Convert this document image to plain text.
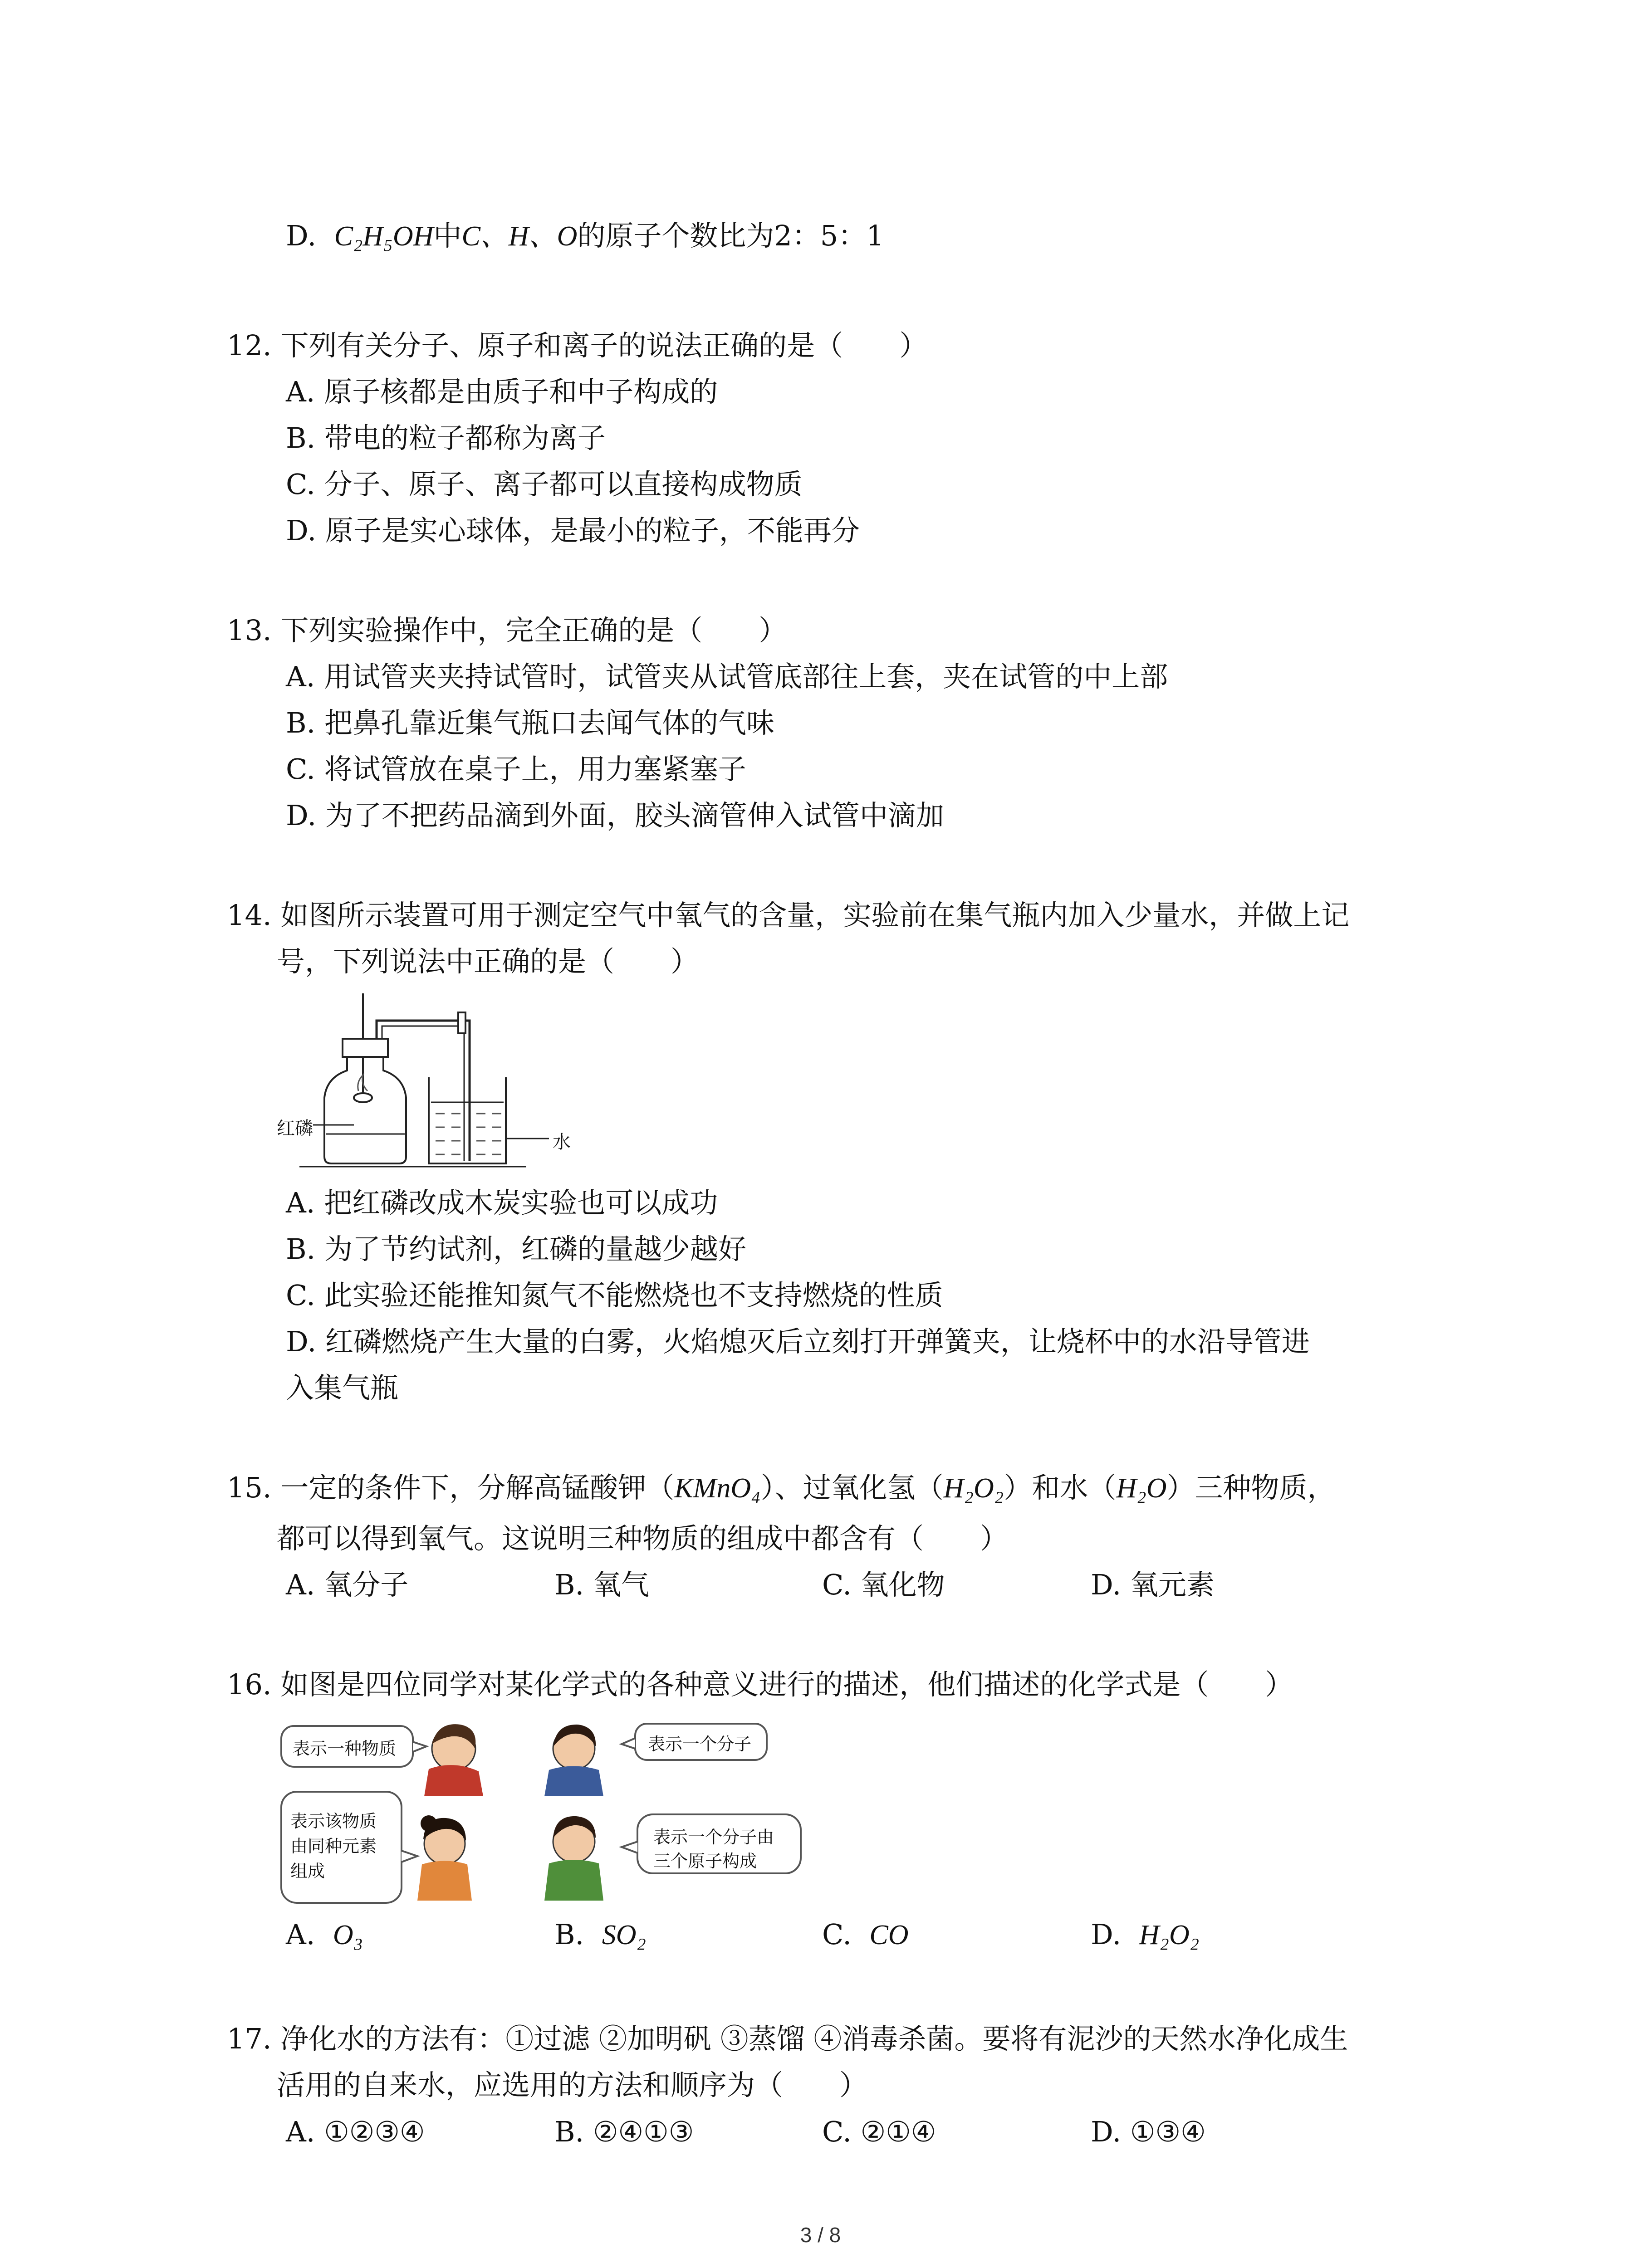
D. C₂H₅OH中C、H、O的原子个数比为2：5：1
12. 下列有关分子、原子和离子的说法正确的是（　　）
A. 原子核都是由质子和中子构成的
B. 带电的粒子都称为离子
C. 分子、原子、离子都可以直接构成物质
D. 原子是实心球体，是最小的粒子，不能再分
13. 下列实验操作中，完全正确的是（　　）
A. 用试管夹夹持试管时，试管夹从试管底部往上套，夹在试管的中上部
B. 把鼻孔靠近集气瓶口去闻气体的气味
C. 将试管放在桌子上，用力塞紧塞子
D. 为了不把药品滴到外面，胶头滴管伸入试管中滴加
14. 如图所示装置可用于测定空气中氧气的含量，实验前在集气瓶内加入少量水，并做上记
号，下列说法中正确的是（　　）
红磷
水
A. 把红磷改成木炭实验也可以成功
B. 为了节约试剂，红磷的量越少越好
C. 此实验还能推知氮气不能燃烧也不支持燃烧的性质
D. 红磷燃烧产生大量的白雾，火焰熄灭后立刻打开弹簧夹，让烧杯中的水沿导管进
入集气瓶
15. 一定的条件下，分解高锰酸钾（KMnO₄）、过氧化氢（H₂O₂）和水（H₂O）三种物质，
都可以得到氧气。这说明三种物质的组成中都含有（　　）
A. 氧分子	B. 氧气	C. 氧化物	D. 氧元素
16. 如图是四位同学对某化学式的各种意义进行的描述，他们描述的化学式是（　　）
表示一种物质	表示一个分子
表示该物质
由同种元素
组成
表示一个分子由
三个原子构成
A. O₃	B. SO₂	C. CO	D. H₂O₂
17. 净化水的方法有：①过滤 ②加明矾 ③蒸馏 ④消毒杀菌。要将有泥沙的天然水净化成生
活用的自来水，应选用的方法和顺序为（　　）
A. ①②③④	B. ②④①③	C. ②①④	D. ①③④
3 / 8
